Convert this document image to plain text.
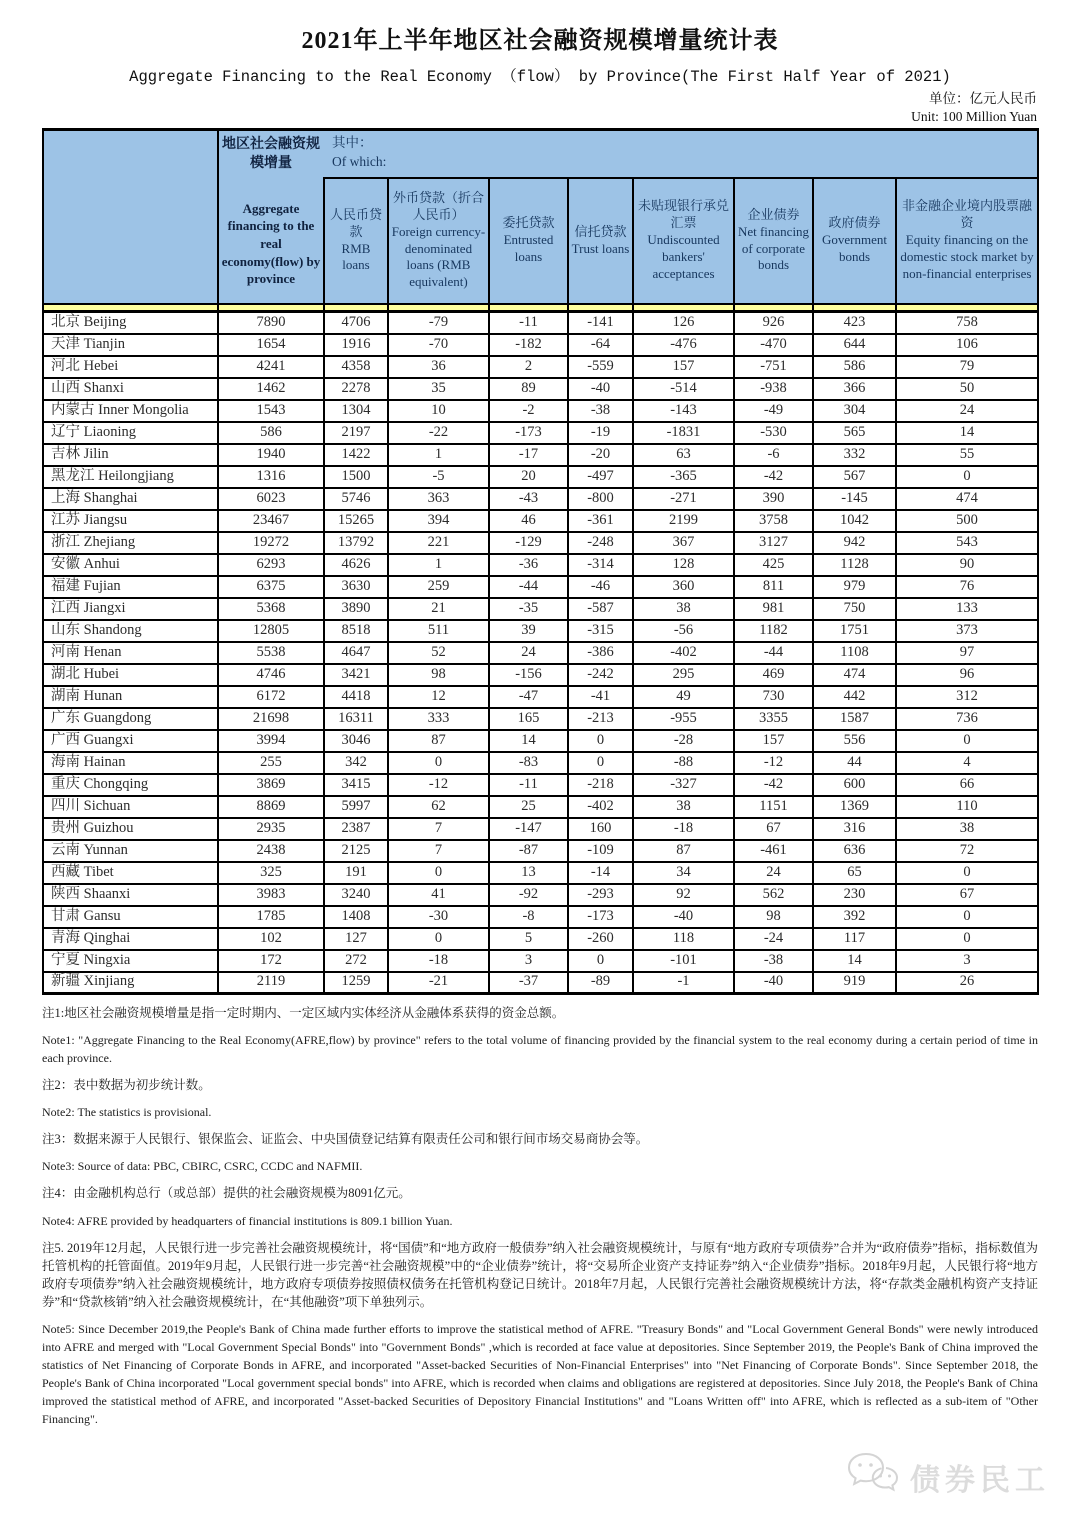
2021年上半年地区社会融资规模增量统计表
Aggregate Financing to the Real Economy （flow） by Province(The First Half Year of 2021)
单位：亿元人民币
Unit: 100 Million Yuan

地区社会融资规模增量
Aggregate financing to the real economy(flow) by province

其中：
Of which:

人民币贷款
RMB loans

外币贷款（折合人民币）
Foreign currency-denominated loans (RMB equivalent)

委托贷款
Entrusted loans

信托贷款
Trust loans

未贴现银行承兑汇票
Undiscounted bankers' acceptances

企业债券
Net financing of corporate bonds

政府债券
Government bonds

非金融企业境内股票融资
Equity financing on the domestic stock market by non-financial enterprises

北京 Beijing	7890	4706	-79	-11	-141	126	926	423	758
天津 Tianjin	1654	1916	-70	-182	-64	-476	-470	644	106
河北 Hebei	4241	4358	36	2	-559	157	-751	586	79
山西 Shanxi	1462	2278	35	89	-40	-514	-938	366	50
内蒙古 Inner Mongolia	1543	1304	10	-2	-38	-143	-49	304	24
辽宁 Liaoning	586	2197	-22	-173	-19	-1831	-530	565	14
吉林 Jilin	1940	1422	1	-17	-20	63	-6	332	55
黑龙江 Heilongjiang	1316	1500	-5	20	-497	-365	-42	567	0
上海 Shanghai	6023	5746	363	-43	-800	-271	390	-145	474
江苏 Jiangsu	23467	15265	394	46	-361	2199	3758	1042	500
浙江 Zhejiang	19272	13792	221	-129	-248	367	3127	942	543
安徽 Anhui	6293	4626	1	-36	-314	128	425	1128	90
福建 Fujian	6375	3630	259	-44	-46	360	811	979	76
江西 Jiangxi	5368	3890	21	-35	-587	38	981	750	133
山东 Shandong	12805	8518	511	39	-315	-56	1182	1751	373
河南 Henan	5538	4647	52	24	-386	-402	-44	1108	97
湖北 Hubei	4746	3421	98	-156	-242	295	469	474	96
湖南 Hunan	6172	4418	12	-47	-41	49	730	442	312
广东 Guangdong	21698	16311	333	165	-213	-955	3355	1587	736
广西 Guangxi	3994	3046	87	14	0	-28	157	556	0
海南 Hainan	255	342	0	-83	0	-88	-12	44	4
重庆 Chongqing	3869	3415	-12	-11	-218	-327	-42	600	66
四川 Sichuan	8869	5997	62	25	-402	38	1151	1369	110
贵州 Guizhou	2935	2387	7	-147	160	-18	67	316	38
云南 Yunnan	2438	2125	7	-87	-109	87	-461	636	72
西藏 Tibet	325	191	0	13	-14	34	24	65	0
陕西 Shaanxi	3983	3240	41	-92	-293	92	562	230	67
甘肃 Gansu	1785	1408	-30	-8	-173	-40	98	392	0
青海 Qinghai	102	127	0	5	-260	118	-24	117	0
宁夏 Ningxia	172	272	-18	3	0	-101	-38	14	3
新疆 Xinjiang	2119	1259	-21	-37	-89	-1	-40	919	26

注1:地区社会融资规模增量是指一定时期内、一定区域内实体经济从金融体系获得的资金总额。

Note1: "Aggregate Financing to the Real Economy(AFRE,flow) by province" refers to the total volume of financing provided by the financial system to the real economy during a certain period of time in each province.

注2：表中数据为初步统计数。

Note2: The statistics is provisional.

注3：数据来源于人民银行、银保监会、证监会、中央国债登记结算有限责任公司和银行间市场交易商协会等。

Note3: Source of data: PBC, CBIRC, CSRC, CCDC and NAFMII.

注4：由金融机构总行（或总部）提供的社会融资规模为8091亿元。

Note4: AFRE provided by headquarters of financial institutions is 809.1 billion Yuan.

注5. 2019年12月起，人民银行进一步完善社会融资规模统计，将“国债”和“地方政府一般债券”纳入社会融资规模统计，与原有“地方政府专项债券”合并为“政府债券”指标，指标数值为托管机构的托管面值。2019年9月起，人民银行进一步完善“社会融资规模”中的“企业债券”统计，将“交易所企业资产支持证券”纳入“企业债券”指标。2018年9月起，人民银行将“地方政府专项债券”纳入社会融资规模统计，地方政府专项债券按照债权债务在托管机构登记日统计。2018年7月起，人民银行完善社会融资规模统计方法，将“存款类金融机构资产支持证券”和“贷款核销”纳入社会融资规模统计，在“其他融资”项下单独列示。

Note5: Since December 2019,the People's Bank of China made further efforts to improve the statistical method of AFRE. "Treasury Bonds" and "Local Government General Bonds" were newly introduced into AFRE and merged with "Local Government Special Bonds" into "Government Bonds" ,which is recorded at face value at depositories. Since September 2019, the People's Bank of China improved the statistics of Net Financing of Corporate Bonds in AFRE, and incorporated "Asset-backed Securities of Non-Financial Enterprises" into "Net Financing of Corporate Bonds". Since September 2018, the People's Bank of China incorporated "Local government special bonds" into AFRE, which is recorded when claims and obligations are registered at depositories. Since July 2018, the People's Bank of China improved the statistical method of AFRE, and incorporated "Asset-backed Securities of Depository Financial Institutions" and "Loans Written off" into AFRE, which is reflected as a sub-item of "Other Financing".

债券民工
